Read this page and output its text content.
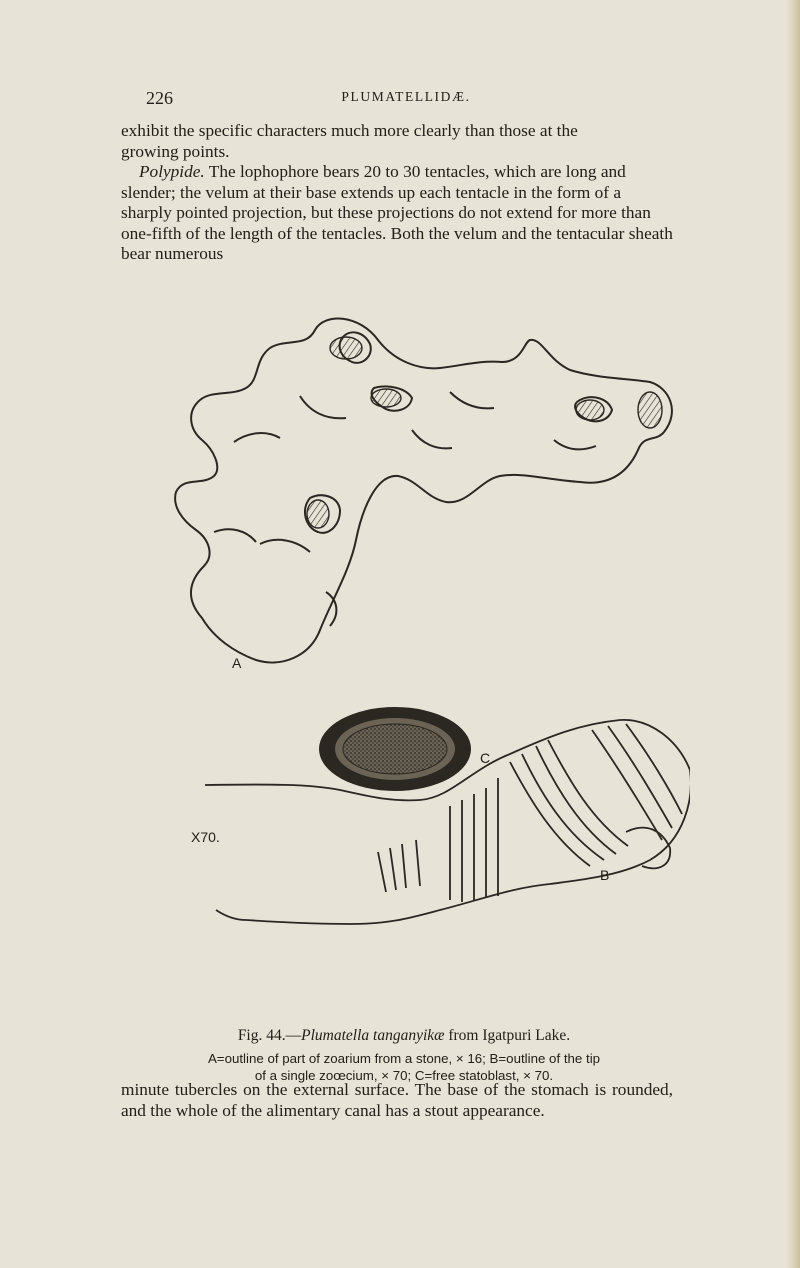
226	PLUMATELLIDÆ.
exhibit the specific characters much more clearly than those at the
growing points.
Polypide. The lophophore bears 20 to 30 tentacles, which are long and slender; the velum at their base extends up each tentacle in the form of a sharply pointed projection, but these projections do not extend for more than one-fifth of the length of the tentacles. Both the velum and the tentacular sheath bear numerous
A
C
B
X70.

Fig. 44.—Plumatella tanganyikæ from Igatpuri Lake.

A=outline of part of zoarium from a stone, × 16; B=outline of the tip

of a single zoœcium, × 70; C=free statoblast, × 70.

minute tubercles on the external surface. The base of the stomach is rounded, and the whole of the alimentary canal has a stout appearance.
